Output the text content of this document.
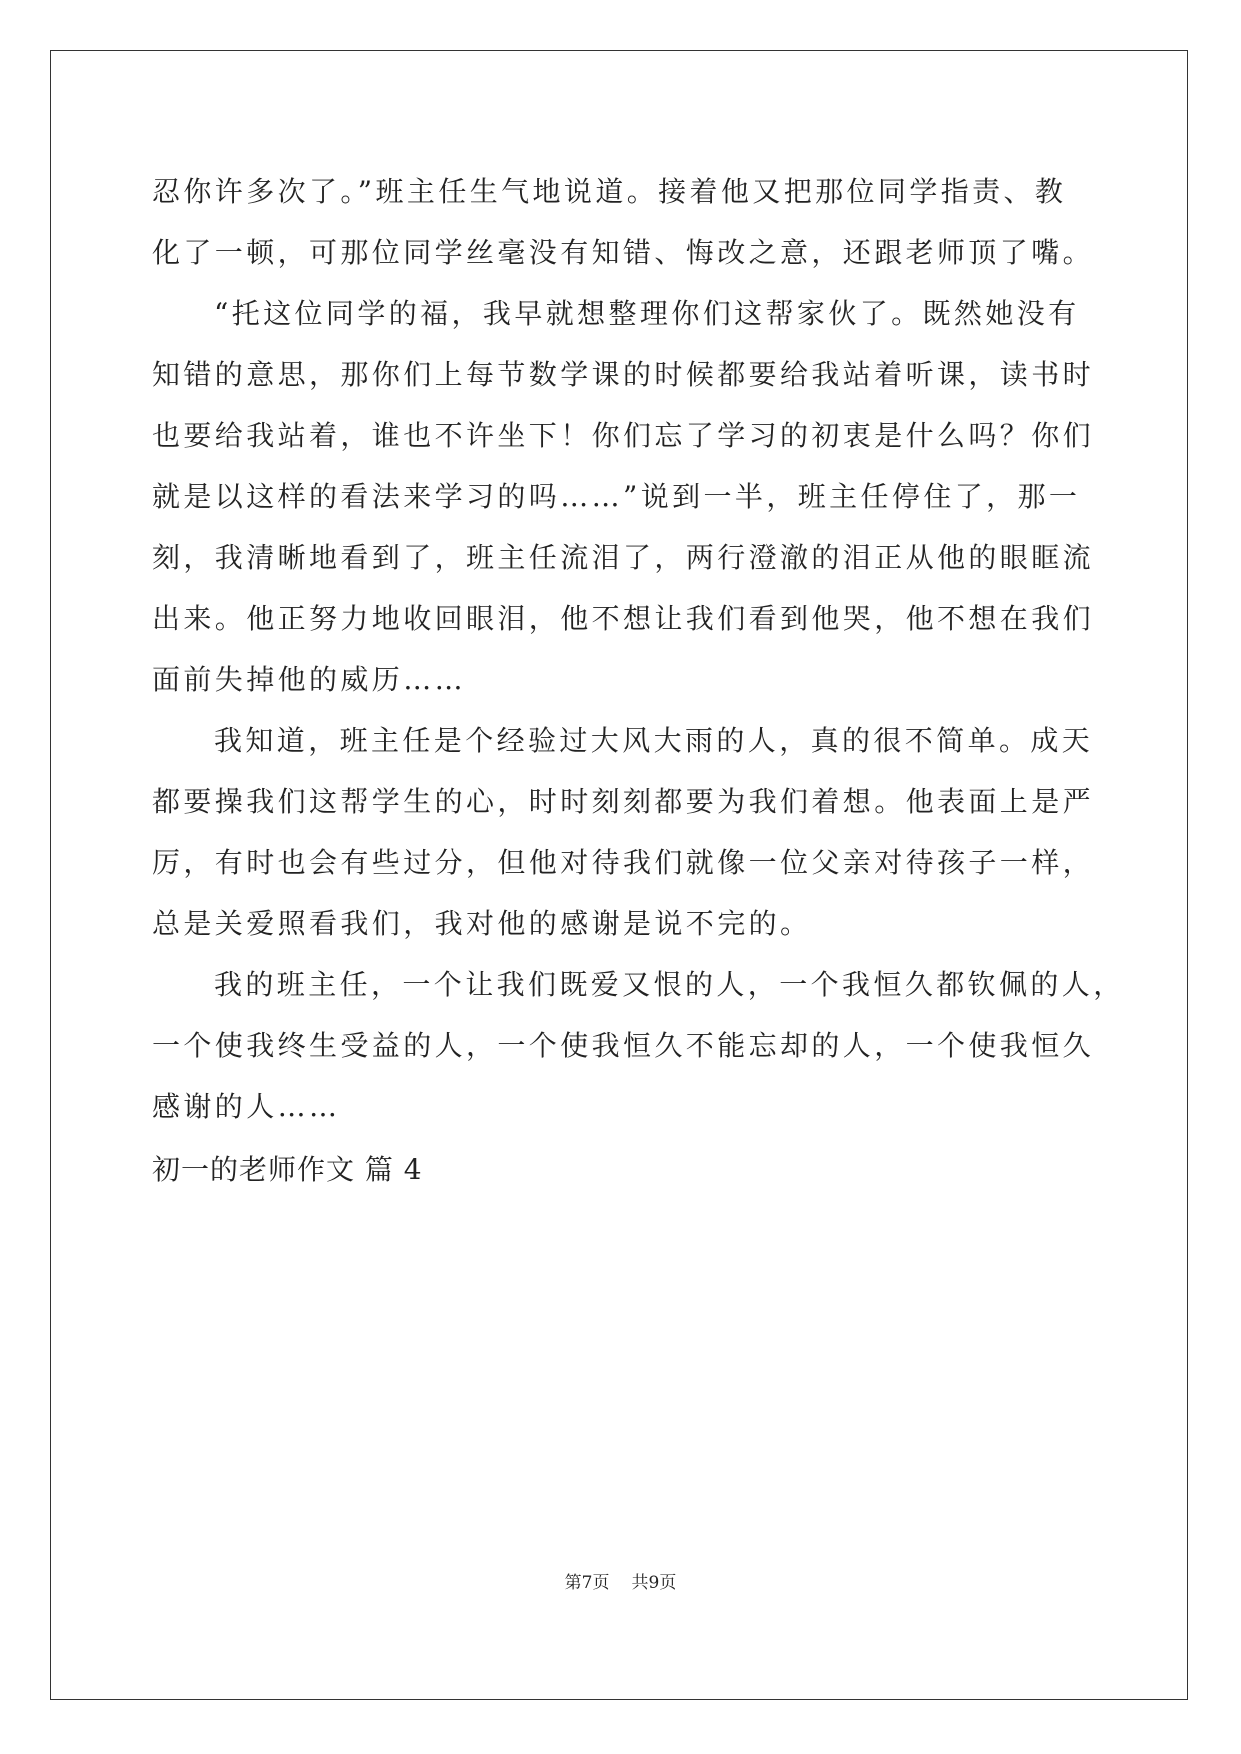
忍你许多次了。”班主任生气地说道。接着他又把那位同学指责、教
化了一顿，可那位同学丝毫没有知错、悔改之意，还跟老师顶了嘴。
“托这位同学的福，我早就想整理你们这帮家伙了。既然她没有
知错的意思，那你们上每节数学课的时候都要给我站着听课，读书时
也要给我站着，谁也不许坐下！你们忘了学习的初衷是什么吗？你们
就是以这样的看法来学习的吗……”说到一半，班主任停住了，那一
刻，我清晰地看到了，班主任流泪了，两行澄澈的泪正从他的眼眶流
出来。他正努力地收回眼泪，他不想让我们看到他哭，他不想在我们
面前失掉他的威历……
我知道，班主任是个经验过大风大雨的人，真的很不简单。成天
都要操我们这帮学生的心，时时刻刻都要为我们着想。他表面上是严
厉，有时也会有些过分，但他对待我们就像一位父亲对待孩子一样，
总是关爱照看我们，我对他的感谢是说不完的。
我的班主任，一个让我们既爱又恨的人，一个我恒久都钦佩的人，
一个使我终生受益的人，一个使我恒久不能忘却的人，一个使我恒久
感谢的人……
初一的老师作文 篇 4
第7页 共9页
